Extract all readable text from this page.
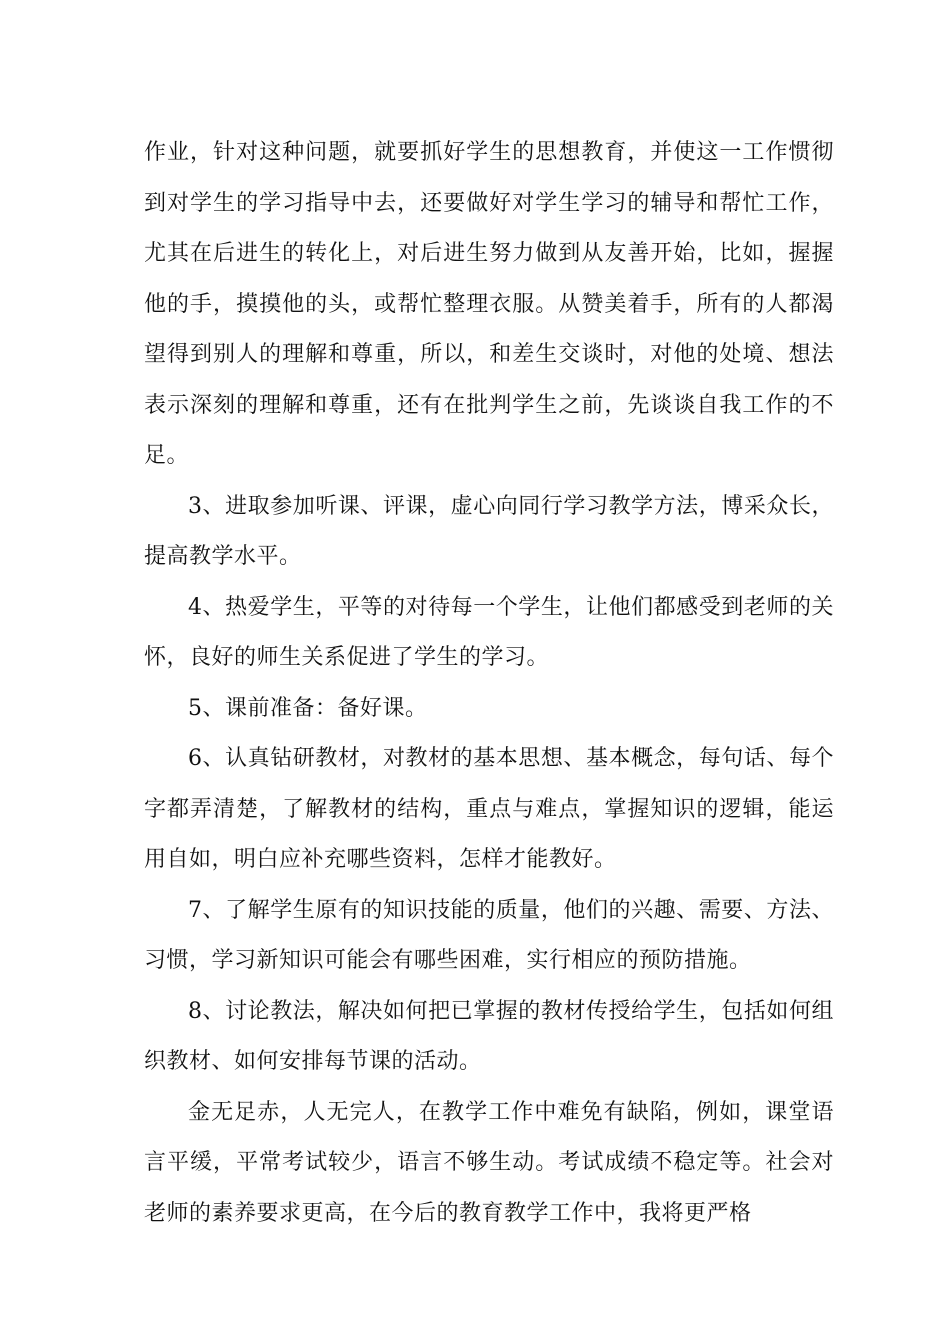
作业，针对这种问题，就要抓好学生的思想教育，并使这一工作惯彻到对学生的学习指导中去，还要做好对学生学习的辅导和帮忙工作，尤其在后进生的转化上，对后进生努力做到从友善开始，比如，握握他的手，摸摸他的头，或帮忙整理衣服。从赞美着手，所有的人都渴望得到别人的理解和尊重，所以，和差生交谈时，对他的处境、想法表示深刻的理解和尊重，还有在批判学生之前，先谈谈自我工作的不足。

3、进取参加听课、评课，虚心向同行学习教学方法，博采众长，提高教学水平。

4、热爱学生，平等的对待每一个学生，让他们都感受到老师的关怀，良好的师生关系促进了学生的学习。

5、课前准备：备好课。

6、认真钻研教材，对教材的基本思想、基本概念，每句话、每个字都弄清楚，了解教材的结构，重点与难点，掌握知识的逻辑，能运用自如，明白应补充哪些资料，怎样才能教好。

7、了解学生原有的知识技能的质量，他们的兴趣、需要、方法、习惯，学习新知识可能会有哪些困难，实行相应的预防措施。

8、讨论教法，解决如何把已掌握的教材传授给学生，包括如何组织教材、如何安排每节课的活动。

金无足赤，人无完人，在教学工作中难免有缺陷，例如，课堂语言平缓，平常考试较少，语言不够生动。考试成绩不稳定等。社会对老师的素养要求更高，在今后的教育教学工作中，我将更严格
